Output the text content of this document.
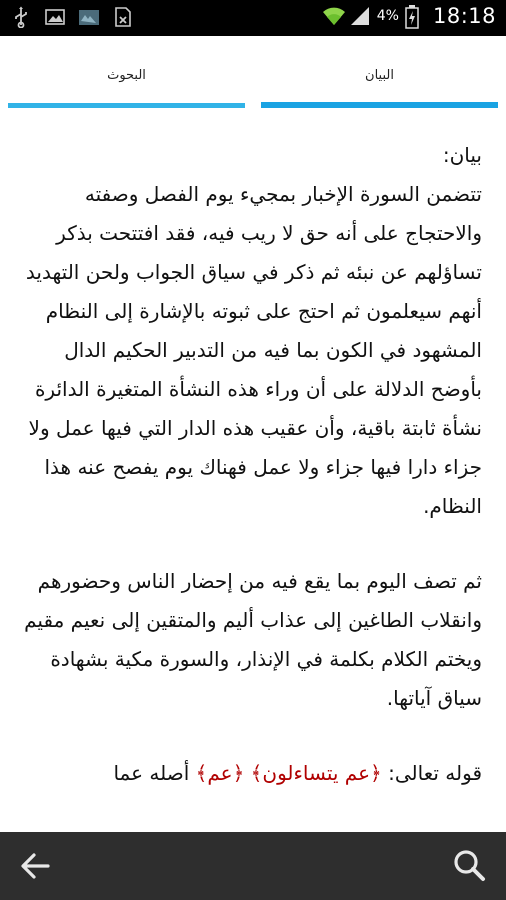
4% 18:18
البحوث	البيان
بيان:

تتضمن السورة الإخبار بمجيء يوم الفصل وصفته والاحتجاج على أنه حق لا ريب فيه، فقد افتتحت بذكر تساؤلهم عن نبئه ثم ذكر في سياق الجواب ولحن التهديد أنهم سيعلمون ثم احتج على ثبوته بالإشارة إلى النظام المشهود في الكون بما فيه من التدبير الحكيم الدال بأوضح الدلالة على أن وراء هذه النشأة المتغيرة الدائرة نشأة ثابتة باقية، وأن عقيب هذه الدار التي فيها عمل ولا جزاء دارا فيها جزاء ولا عمل فهناك يوم يفصح عنه هذا النظام.

ثم تصف اليوم بما يقع فيه من إحضار الناس وحضورهم وانقلاب الطاغين إلى عذاب أليم والمتقين إلى نعيم مقيم ويختم الكلام بكلمة في الإنذار، والسورة مكية بشهادة سياق آياتها.

قوله تعالى: ﴿عم يتساءلون﴾ ﴿عم﴾ أصله عما
